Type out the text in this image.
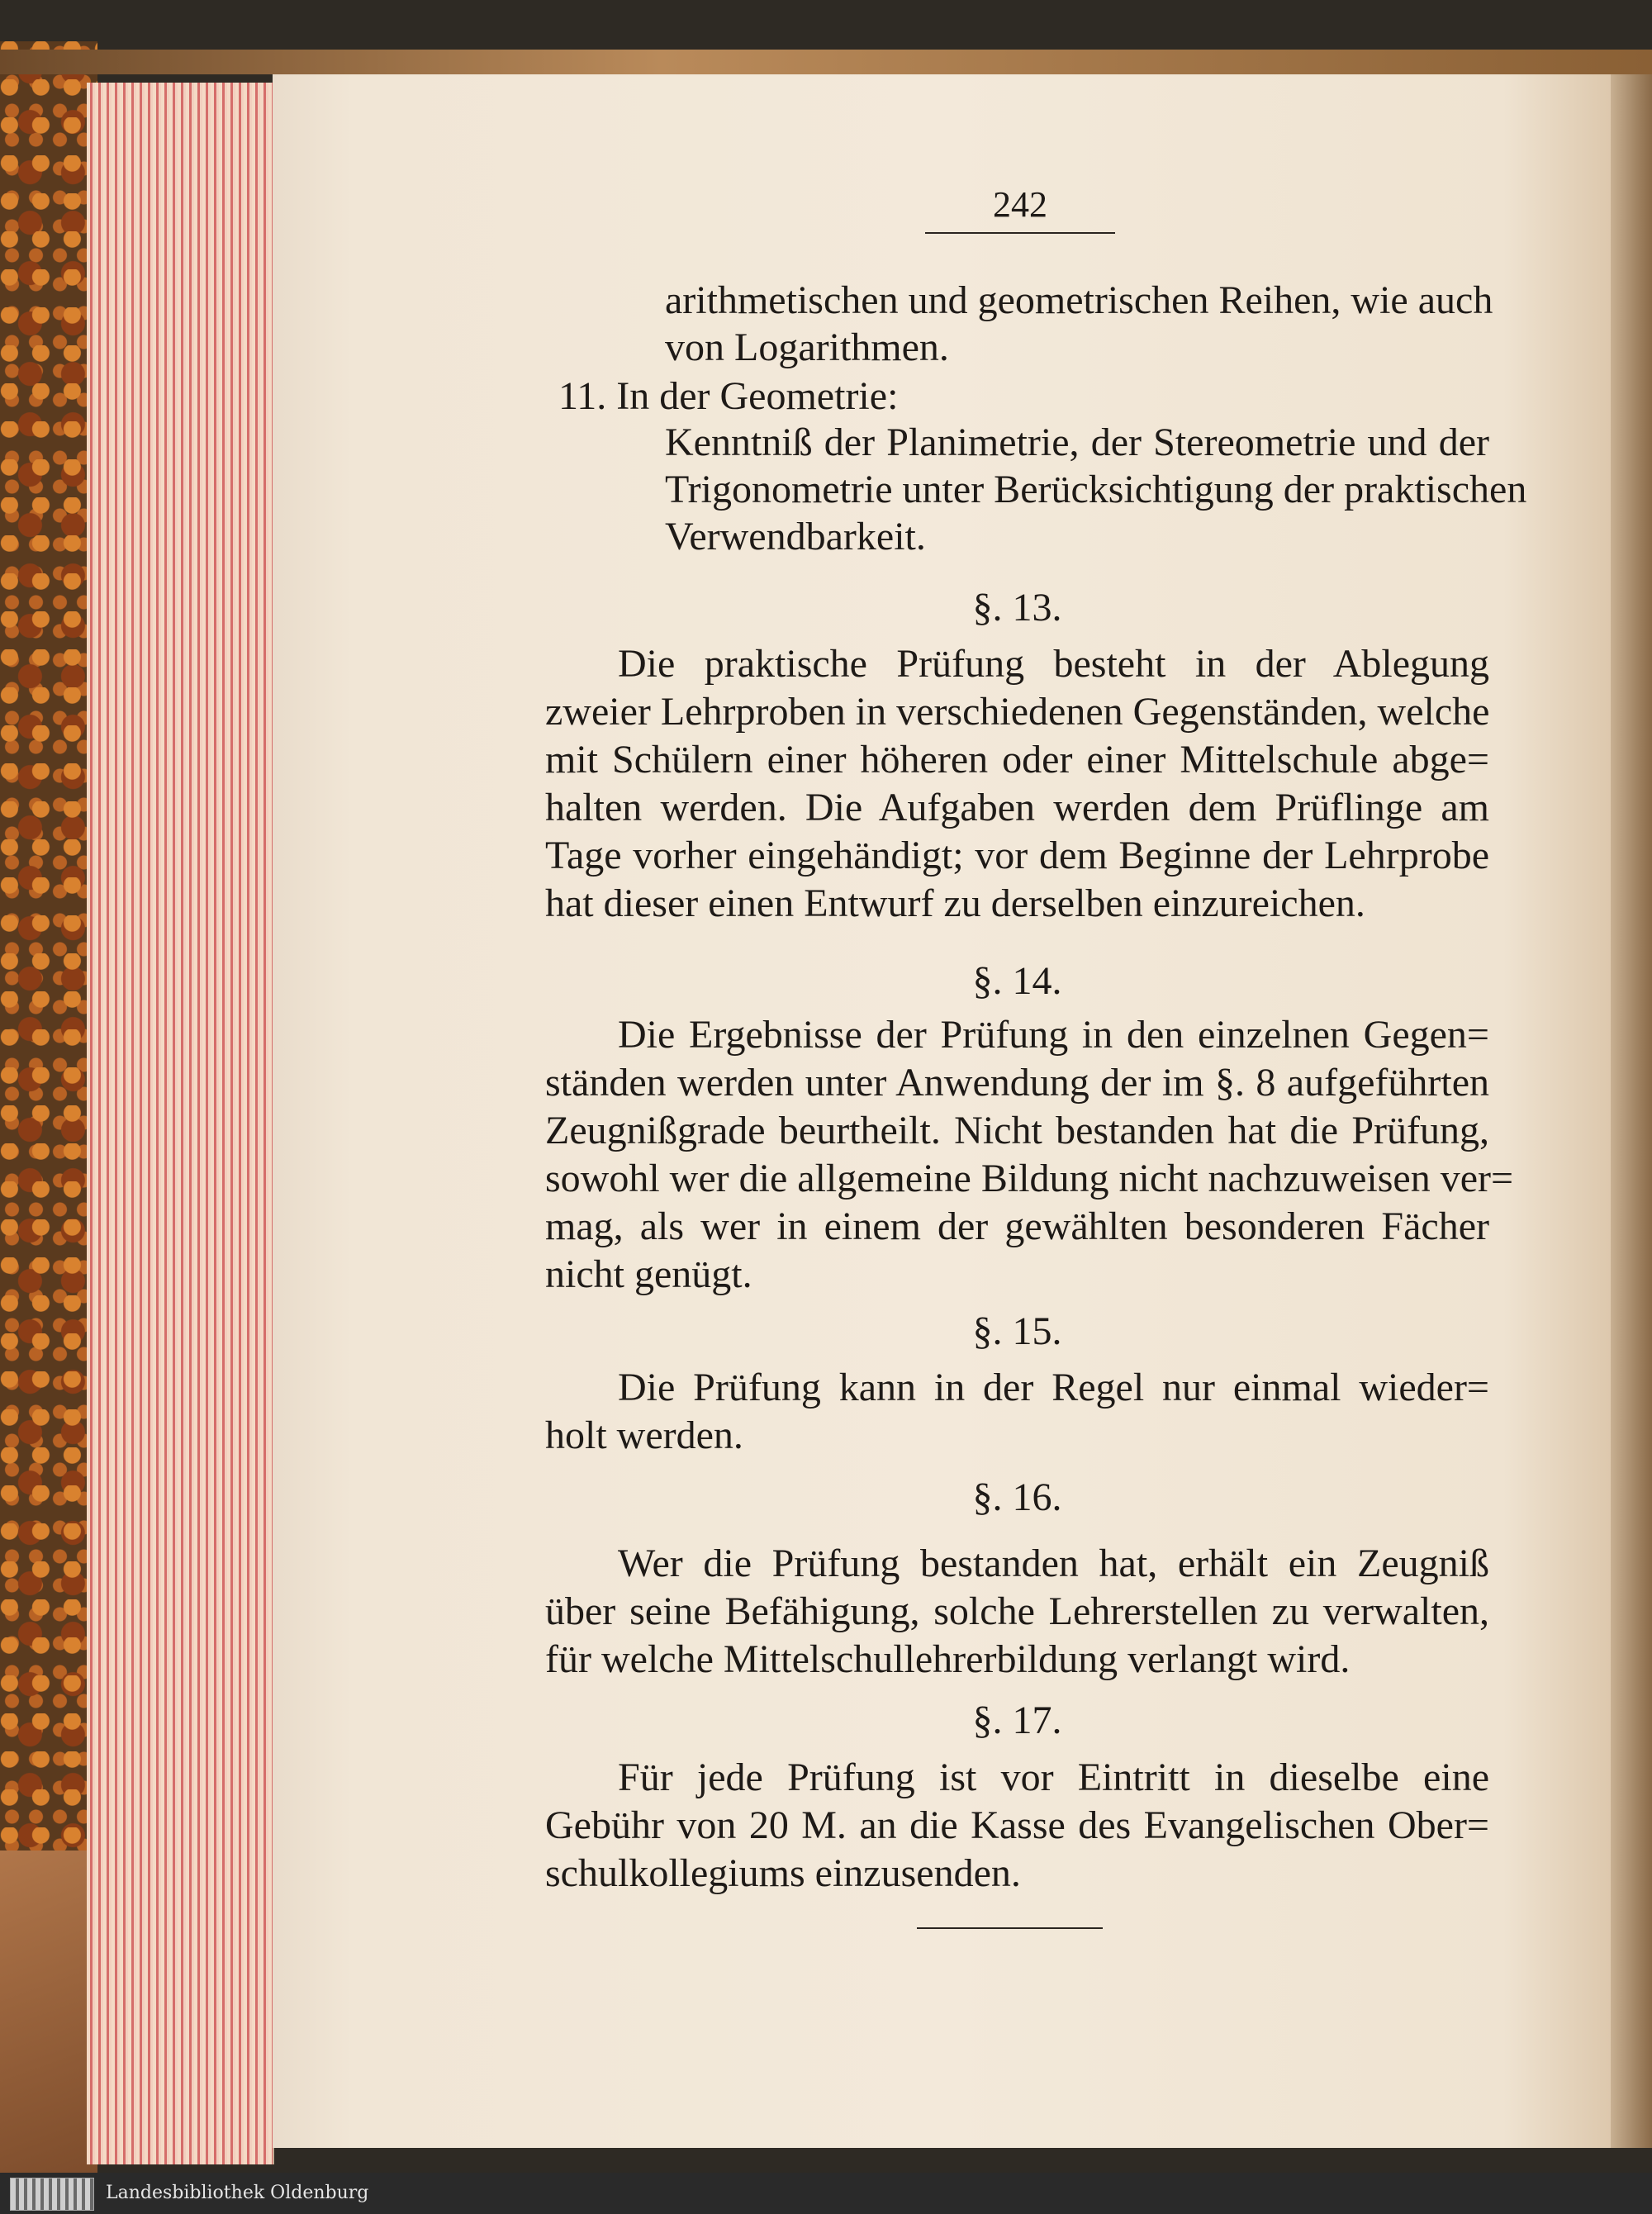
242
arithmetischen und geometrischen Reihen, wie auch
von Logarithmen.
11. In der Geometrie:
Kenntniß der Planimetrie, der Stereometrie und der
Trigonometrie unter Berücksichtigung der praktischen
Verwendbarkeit.
§. 13.
Die praktische Prüfung besteht in der Ablegung
zweier Lehrproben in verschiedenen Gegenständen, welche
mit Schülern einer höheren oder einer Mittelschule abge=
halten werden. Die Aufgaben werden dem Prüflinge am
Tage vorher eingehändigt; vor dem Beginne der Lehrprobe
hat dieser einen Entwurf zu derselben einzureichen.
§. 14.
Die Ergebnisse der Prüfung in den einzelnen Gegen=
ständen werden unter Anwendung der im §. 8 aufgeführten
Zeugnißgrade beurtheilt. Nicht bestanden hat die Prüfung,
sowohl wer die allgemeine Bildung nicht nachzuweisen ver=
mag, als wer in einem der gewählten besonderen Fächer
nicht genügt.
§. 15.
Die Prüfung kann in der Regel nur einmal wieder=
holt werden.
§. 16.
Wer die Prüfung bestanden hat, erhält ein Zeugniß
über seine Befähigung, solche Lehrerstellen zu verwalten,
für welche Mittelschullehrerbildung verlangt wird.
§. 17.
Für jede Prüfung ist vor Eintritt in dieselbe eine
Gebühr von 20 M. an die Kasse des Evangelischen Ober=
schulkollegiums einzusenden.
Landesbibliothek Oldenburg
